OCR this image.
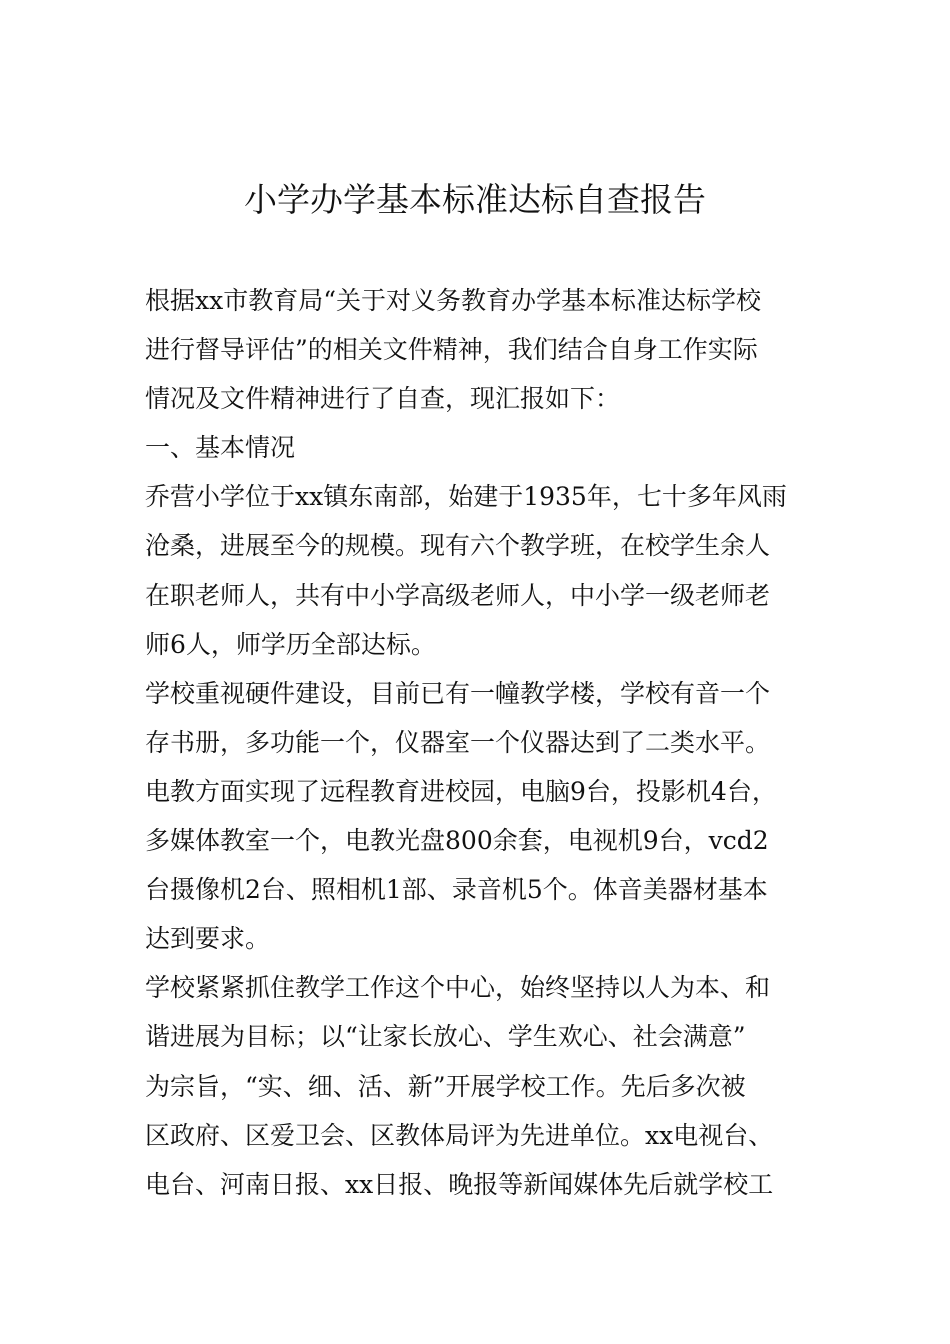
小学办学基本标准达标自查报告
根据xx市教育局“关于对义务教育办学基本标准达标学校
进行督导评估”的相关文件精神，我们结合自身工作实际
情况及文件精神进行了自查，现汇报如下：
一、基本情况
乔营小学位于xx镇东南部，始建于1935年，七十多年风雨
沧桑，进展至今的规模。现有六个教学班，在校学生余人
在职老师人，共有中小学高级老师人，中小学一级老师老
师6人，师学历全部达标。
学校重视硬件建设，目前已有一幢教学楼，学校有音一个
存书册，多功能一个，仪器室一个仪器达到了二类水平。
电教方面实现了远程教育进校园，电脑9台，投影机4台，
多媒体教室一个，电教光盘800余套，电视机9台，vcd2
台摄像机2台、照相机1部、录音机5个。体音美器材基本
达到要求。
学校紧紧抓住教学工作这个中心，始终坚持以人为本、和
谐进展为目标；以“让家长放心、学生欢心、社会满意”
为宗旨，“实、细、活、新”开展学校工作。先后多次被
区政府、区爱卫会、区教体局评为先进单位。xx电视台、
电台、河南日报、xx日报、晚报等新闻媒体先后就学校工
